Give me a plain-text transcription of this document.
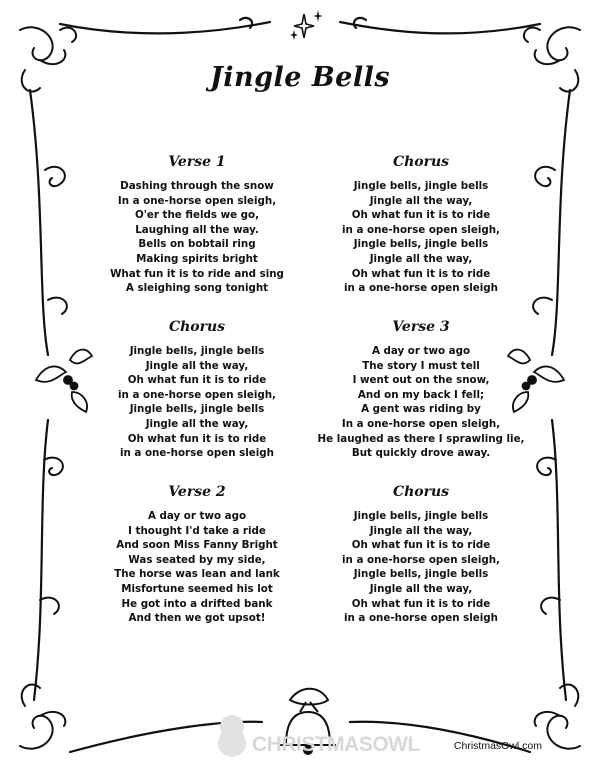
Jingle Bells
Verse 1
Dashing through the snow
In a one-horse open sleigh,
O'er the fields we go,
Laughing all the way.
Bells on bobtail ring
Making spirits bright
What fun it is to ride and sing
A sleighing song tonight
Chorus
Jingle bells, jingle bells
Jingle all the way,
Oh what fun it is to ride
in a one-horse open sleigh,
Jingle bells, jingle bells
Jingle all the way,
Oh what fun it is to ride
in a one-horse open sleigh
Chorus
Jingle bells, jingle bells
Jingle all the way,
Oh what fun it is to ride
in a one-horse open sleigh,
Jingle bells, jingle bells
Jingle all the way,
Oh what fun it is to ride
in a one-horse open sleigh
Verse 3
A day or two ago
The story I must tell
I went out on the snow,
And on my back I fell;
A gent was riding by
In a one-horse open sleigh,
He laughed as there I sprawling lie,
But quickly drove away.
Verse 2
A day or two ago
I thought I'd take a ride
And soon Miss Fanny Bright
Was seated by my side,
The horse was lean and lank
Misfortune seemed his lot
He got into a drifted bank
And then we got upsot!
Chorus
Jingle bells, jingle bells
Jingle all the way,
Oh what fun it is to ride
in a one-horse open sleigh,
Jingle bells, jingle bells
Jingle all the way,
Oh what fun it is to ride
in a one-horse open sleigh
CHRISTMASOWL	ChristmasOwl.com
